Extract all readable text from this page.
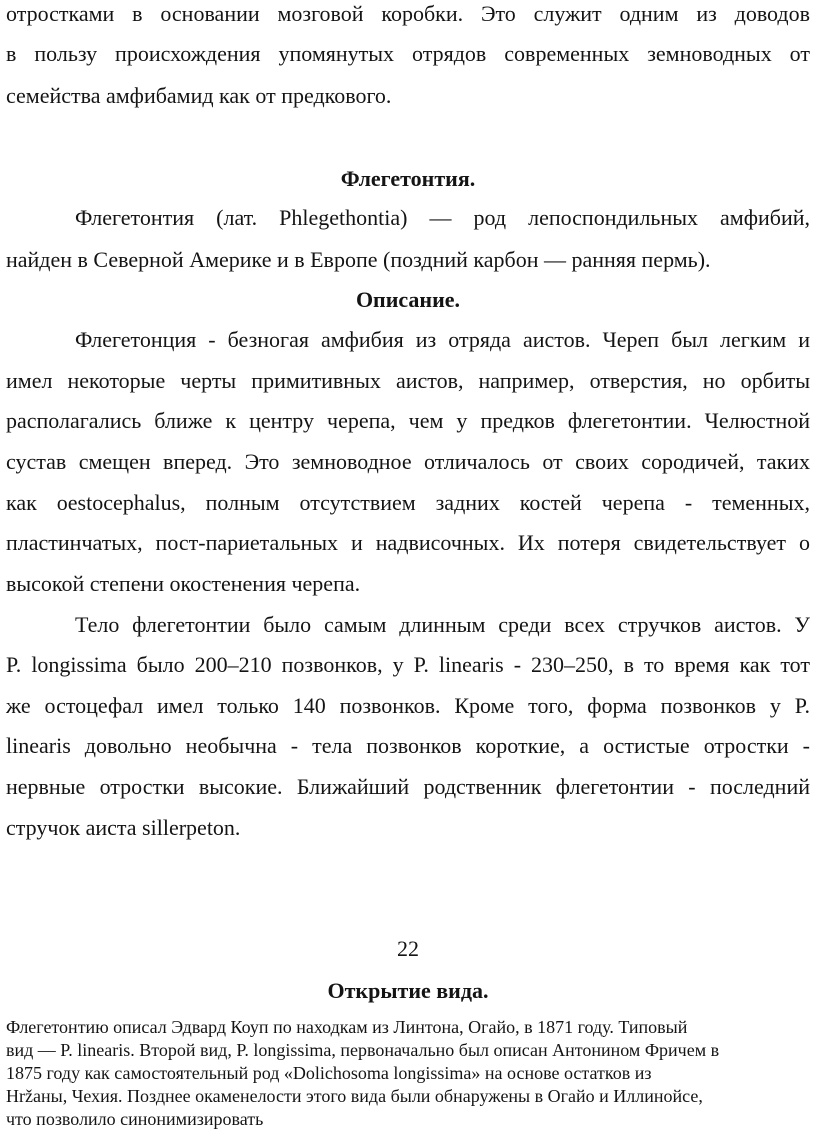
отростками в основании мозговой коробки. Это служит одним из доводов
в пользу происхождения упомянутых отрядов современных земноводных от
семейства амфибамид как от предкового.
Флегетонтия.
Флегетонтия (лат. Phlegethontia) — род лепоспондильных амфибий,
найден в Северной Америке и в Европе (поздний карбон — ранняя пермь).
Описание.
Флегетонция - безногая амфибия из отряда аистов. Череп был легким и
имел некоторые черты примитивных аистов, например, отверстия, но орбиты
располагались ближе к центру черепа, чем у предков флегетонтии. Челюстной
сустав смещен вперед. Это земноводное отличалось от своих сородичей, таких
как oestocephalus, полным отсутствием задних костей черепа - теменных,
пластинчатых, пост-париетальных и надвисочных. Их потеря свидетельствует о
высокой степени окостенения черепа.
Тело флегетонтии было самым длинным среди всех стручков аистов. У
P. longissima было 200–210 позвонков, у P. linearis - 230–250, в то время как тот
же остоцефал имел только 140 позвонков. Кроме того, форма позвонков у P.
linearis довольно необычна - тела позвонков короткие, а остистые отростки -
нервные отростки высокие. Ближайший родственник флегетонтии - последний
стручок аиста sillerpeton.
22
Открытие вида.
Флегетонтию описал Эдвард Коуп по находкам из Линтона, Огайо, в 1871 году. Типовый
вид — P. linearis. Второй вид, P. longissima, первоначально был описан Антонином Фричем в
1875 году как самостоятельный род «Dolichosoma longissima» на основе остатков из
Нržаны, Чехия. Позднее окаменелости этого вида были обнаружены в Огайо и Иллинойсе,
что позволило синонимизировать
